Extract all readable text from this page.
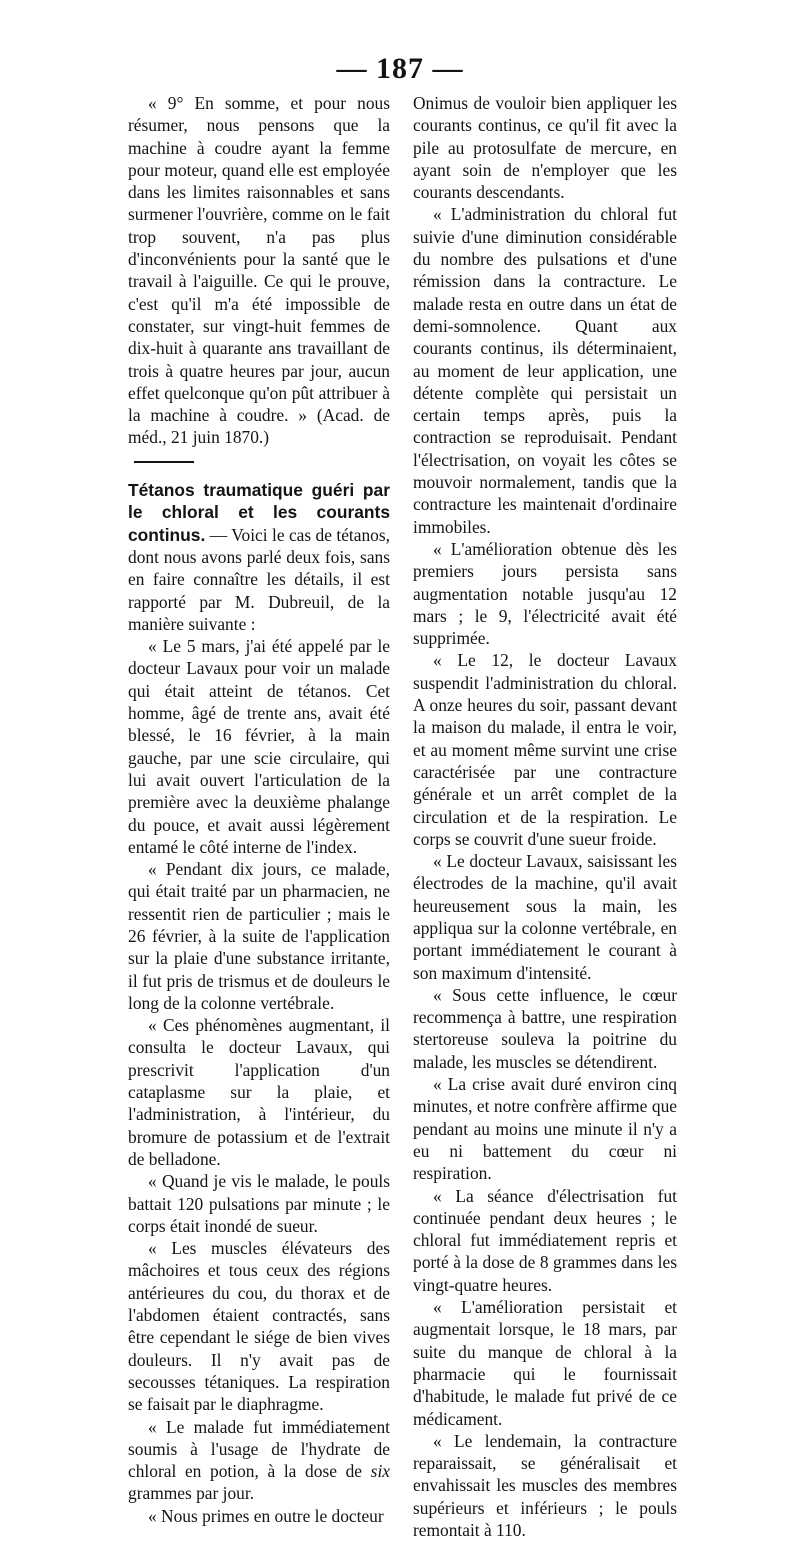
— 187 —

« 9° En somme, et pour nous résumer, nous pensons que la machine à coudre ayant la femme pour moteur, quand elle est employée dans les limites raisonnables et sans surmener l'ouvrière, comme on le fait trop souvent, n'a pas plus d'inconvénients pour la santé que le travail à l'aiguille. Ce qui le prouve, c'est qu'il m'a été impossible de constater, sur vingt-huit femmes de dix-huit à quarante ans travaillant de trois à quatre heures par jour, aucun effet quelconque qu'on pût attribuer à la machine à coudre. » (Acad. de méd., 21 juin 1870.)

Tétanos traumatique guéri par le chloral et les courants continus. — Voici le cas de tétanos, dont nous avons parlé deux fois, sans en faire connaître les détails, il est rapporté par M. Dubreuil, de la manière suivante :

« Le 5 mars, j'ai été appelé par le docteur Lavaux pour voir un malade qui était atteint de tétanos. Cet homme, âgé de trente ans, avait été blessé, le 16 février, à la main gauche, par une scie circulaire, qui lui avait ouvert l'articulation de la première avec la deuxième phalange du pouce, et avait aussi légèrement entamé le côté interne de l'index.

« Pendant dix jours, ce malade, qui était traité par un pharmacien, ne ressentit rien de particulier ; mais le 26 février, à la suite de l'application sur la plaie d'une substance irritante, il fut pris de trismus et de douleurs le long de la colonne vertébrale.

« Ces phénomènes augmentant, il consulta le docteur Lavaux, qui prescrivit l'application d'un cataplasme sur la plaie, et l'administration, à l'intérieur, du bromure de potassium et de l'extrait de belladone.

« Quand je vis le malade, le pouls battait 120 pulsations par minute ; le corps était inondé de sueur.

« Les muscles élévateurs des mâchoires et tous ceux des régions antérieures du cou, du thorax et de l'abdomen étaient contractés, sans être cependant le siége de bien vives douleurs. Il n'y avait pas de secousses tétaniques. La respiration se faisait par le diaphragme.

« Le malade fut immédiatement soumis à l'usage de l'hydrate de chloral en potion, à la dose de six grammes par jour.

« Nous primes en outre le docteur

Onimus de vouloir bien appliquer les courants continus, ce qu'il fit avec la pile au protosulfate de mercure, en ayant soin de n'employer que les courants descendants.

« L'administration du chloral fut suivie d'une diminution considérable du nombre des pulsations et d'une rémission dans la contracture. Le malade resta en outre dans un état de demi-somnolence. Quant aux courants continus, ils déterminaient, au moment de leur application, une détente complète qui persistait un certain temps après, puis la contraction se reproduisait. Pendant l'électrisation, on voyait les côtes se mouvoir normalement, tandis que la contracture les maintenait d'ordinaire immobiles.

« L'amélioration obtenue dès les premiers jours persista sans augmentation notable jusqu'au 12 mars ; le 9, l'électricité avait été supprimée.

« Le 12, le docteur Lavaux suspendit l'administration du chloral. A onze heures du soir, passant devant la maison du malade, il entra le voir, et au moment même survint une crise caractérisée par une contracture générale et un arrêt complet de la circulation et de la respiration. Le corps se couvrit d'une sueur froide.

« Le docteur Lavaux, saisissant les électrodes de la machine, qu'il avait heureusement sous la main, les appliqua sur la colonne vertébrale, en portant immédiatement le courant à son maximum d'intensité.

« Sous cette influence, le cœur recommença à battre, une respiration stertoreuse souleva la poitrine du malade, les muscles se détendirent.

« La crise avait duré environ cinq minutes, et notre confrère affirme que pendant au moins une minute il n'y a eu ni battement du cœur ni respiration.

« La séance d'électrisation fut continuée pendant deux heures ; le chloral fut immédiatement repris et porté à la dose de 8 grammes dans les vingt-quatre heures.

« L'amélioration persistait et augmentait lorsque, le 18 mars, par suite du manque de chloral à la pharmacie qui le fournissait d'habitude, le malade fut privé de ce médicament.

« Le lendemain, la contracture reparaissait, se généralisait et envahissait les muscles des membres supérieurs et inférieurs ; le pouls remontait à 110.
